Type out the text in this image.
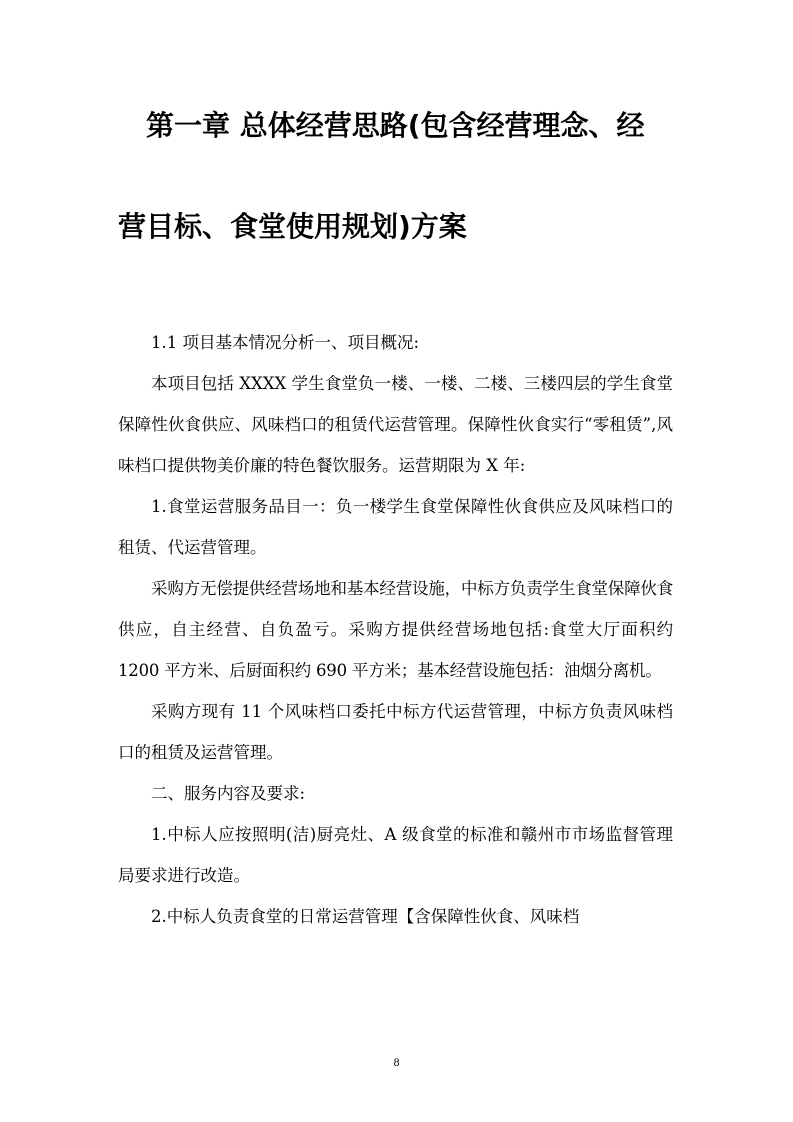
第一章 总体经营思路(包含经营理念、经
营目标、食堂使用规划)方案

1.1 项目基本情况分析一、项目概况:

本项目包括 XXXX 学生食堂负一楼、一楼、二楼、三楼四层的学生食堂保障性伙食供应、风味档口的租赁代运营管理。保障性伙食实行“零租赁”,风味档口提供物美价廉的特色餐饮服务。运营期限为 X 年:

1.食堂运营服务品目一：负一楼学生食堂保障性伙食供应及风味档口的租赁、代运营管理。

采购方无偿提供经营场地和基本经营设施，中标方负责学生食堂保障伙食供应，自主经营、自负盈亏。采购方提供经营场地包括:食堂大厅面积约 1200 平方米、后厨面积约 690 平方米；基本经营设施包括：油烟分离机。

采购方现有 11 个风味档口委托中标方代运营管理，中标方负责风味档口的租赁及运营管理。

二、服务内容及要求:

1.中标人应按照明(洁)厨亮灶、A 级食堂的标准和赣州市市场监督管理局要求进行改造。

2.中标人负责食堂的日常运营管理【含保障性伙食、风味档

8
